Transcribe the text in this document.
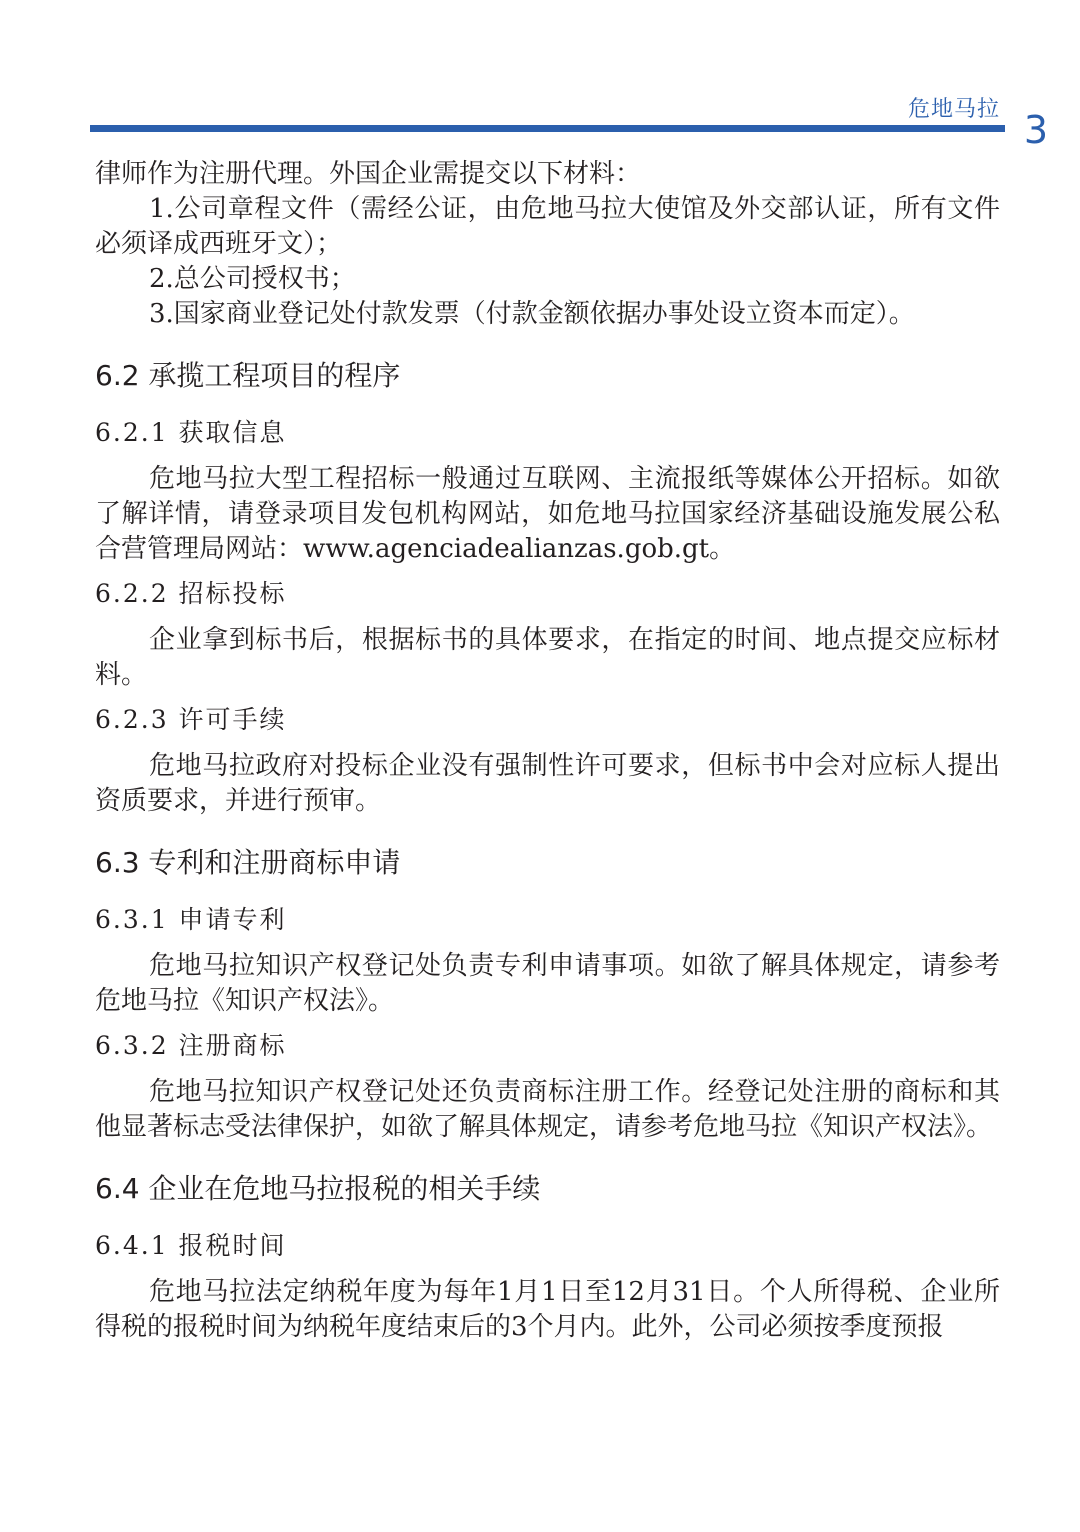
危地马拉 3

律师作为注册代理。外国企业需提交以下材料：

1.公司章程文件（需经公证，由危地马拉大使馆及外交部认证，所有文件必须译成西班牙文）；

2.总公司授权书；

3.国家商业登记处付款发票（付款金额依据办事处设立资本而定）。

6.2 承揽工程项目的程序
6.2.1 获取信息

危地马拉大型工程招标一般通过互联网、主流报纸等媒体公开招标。如欲了解详情，请登录项目发包机构网站，如危地马拉国家经济基础设施发展公私合营管理局网站：www.agenciadealianzas.gob.gt。

6.2.2 招标投标

企业拿到标书后，根据标书的具体要求，在指定的时间、地点提交应标材料。

6.2.3 许可手续

危地马拉政府对投标企业没有强制性许可要求，但标书中会对应标人提出资质要求，并进行预审。

6.3 专利和注册商标申请
6.3.1 申请专利

危地马拉知识产权登记处负责专利申请事项。如欲了解具体规定，请参考危地马拉《知识产权法》。

6.3.2 注册商标

危地马拉知识产权登记处还负责商标注册工作。经登记处注册的商标和其他显著标志受法律保护，如欲了解具体规定，请参考危地马拉《知识产权法》。

6.4 企业在危地马拉报税的相关手续
6.4.1 报税时间

危地马拉法定纳税年度为每年1月1日至12月31日。个人所得税、企业所得税的报税时间为纳税年度结束后的3个月内。此外，公司必须按季度预报
